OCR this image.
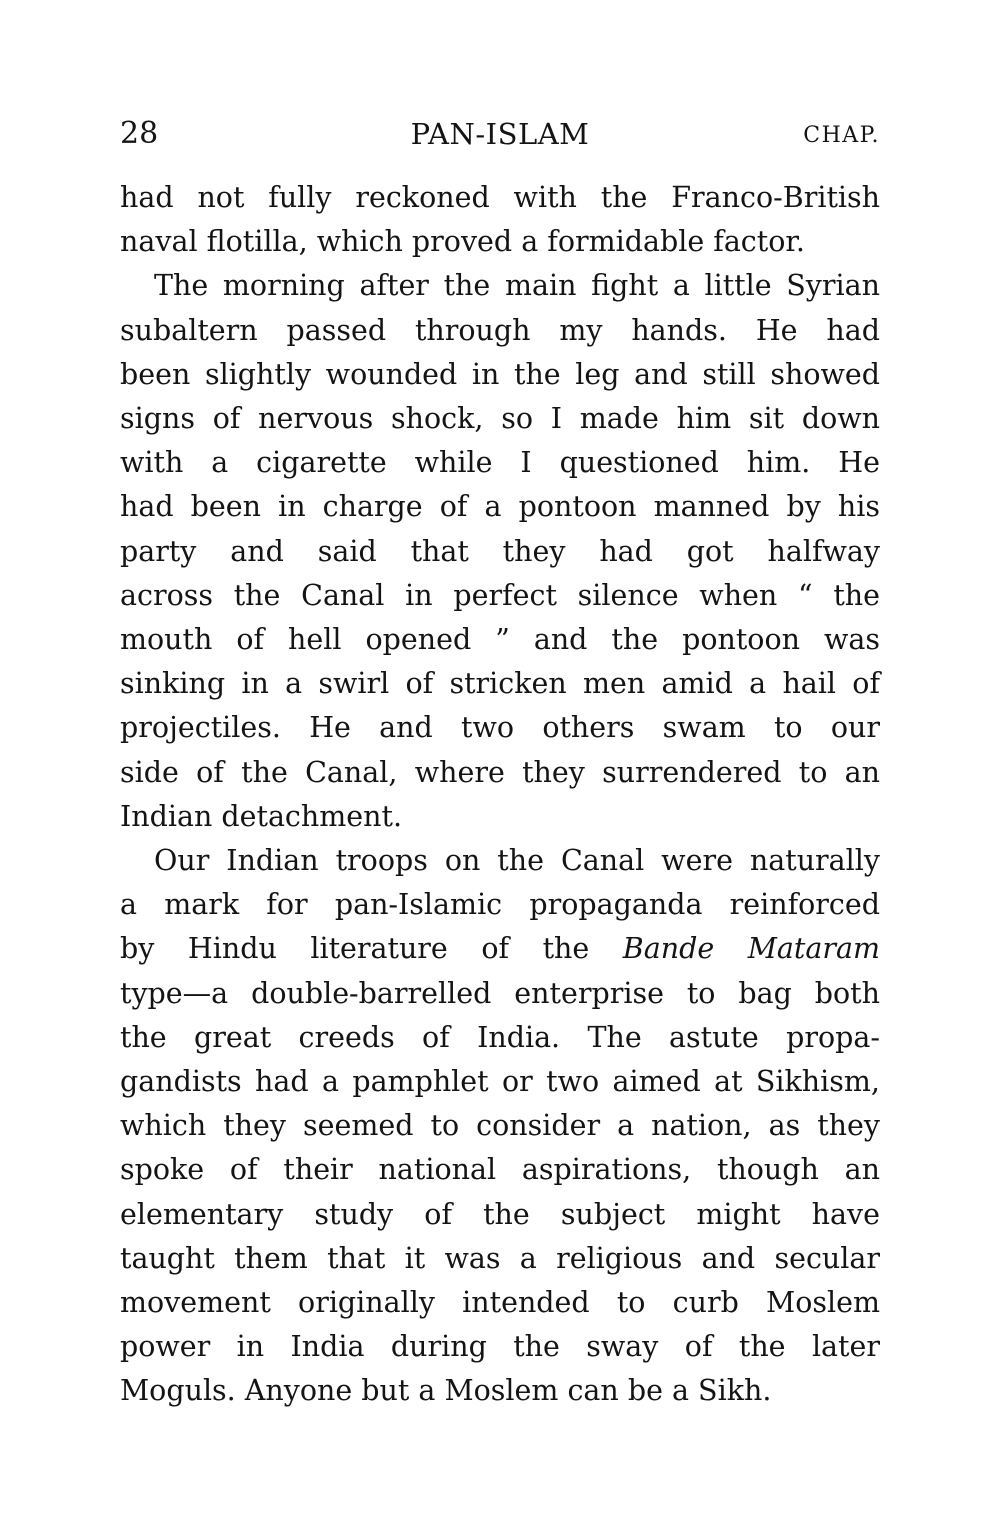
28	PAN-ISLAM	CHAP.

had not fully reckoned with the Franco-British
naval flotilla, which proved a formidable factor.

The morning after the main fight a little Syrian
subaltern passed through my hands. He had
been slightly wounded in the leg and still showed
signs of nervous shock, so I made him sit down
with a cigarette while I questioned him. He
had been in charge of a pontoon manned by his
party and said that they had got halfway
across the Canal in perfect silence when “ the
mouth of hell opened ” and the pontoon was
sinking in a swirl of stricken men amid a hail of
projectiles. He and two others swam to our
side of the Canal, where they surrendered to an
Indian detachment.

Our Indian troops on the Canal were naturally
a mark for pan-Islamic propaganda reinforced
by Hindu literature of the Bande Mataram
type—a double-barrelled enterprise to bag both
the great creeds of India. The astute propa-
gandists had a pamphlet or two aimed at Sikhism,
which they seemed to consider a nation, as they
spoke of their national aspirations, though an
elementary study of the subject might have
taught them that it was a religious and secular
movement originally intended to curb Moslem
power in India during the sway of the later
Moguls. Anyone but a Moslem can be a Sikh.
